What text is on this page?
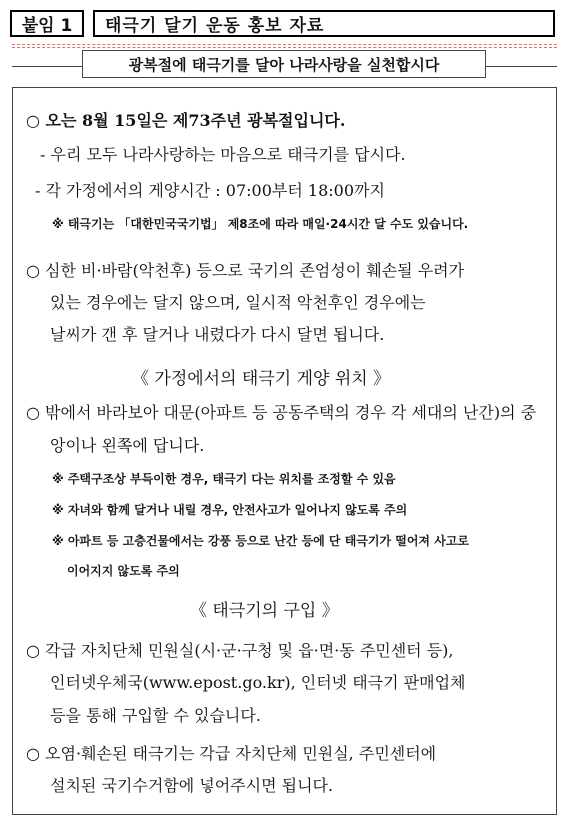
붙임 1	태극기 달기 운동 홍보 자료
광복절에 태극기를 달아 나라사랑을 실천합시다
○ 오는 8월 15일은 제73주년 광복절입니다.
- 우리 모두 나라사랑하는 마음으로 태극기를 답시다.
- 각 가정에서의 게양시간 : 07:00부터 18:00까지
※ 태극기는 「대한민국국기법」 제8조에 따라 매일·24시간 달 수도 있습니다.
○ 심한 비·바람(악천후) 등으로 국기의 존엄성이 훼손될 우려가
있는 경우에는 달지 않으며, 일시적 악천후인 경우에는
날씨가 갠 후 달거나 내렸다가 다시 달면 됩니다.
《 가정에서의 태극기 게양 위치 》
○ 밖에서 바라보아 대문(아파트 등 공동주택의 경우 각 세대의 난간)의 중
앙이나 왼쪽에 답니다.
※ 주택구조상 부득이한 경우, 태극기 다는 위치를 조정할 수 있음
※ 자녀와 함께 달거나 내릴 경우, 안전사고가 일어나지 않도록 주의
※ 아파트 등 고층건물에서는 강풍 등으로 난간 등에 단 태극기가 떨어져 사고로
이어지지 않도록 주의
《 태극기의 구입 》
○ 각급 자치단체 민원실(시·군·구청 및 읍·면·동 주민센터 등),
인터넷우체국(www.epost.go.kr), 인터넷 태극기 판매업체
등을 통해 구입할 수 있습니다.
○ 오염·훼손된 태극기는 각급 자치단체 민원실, 주민센터에
설치된 국기수거함에 넣어주시면 됩니다.
